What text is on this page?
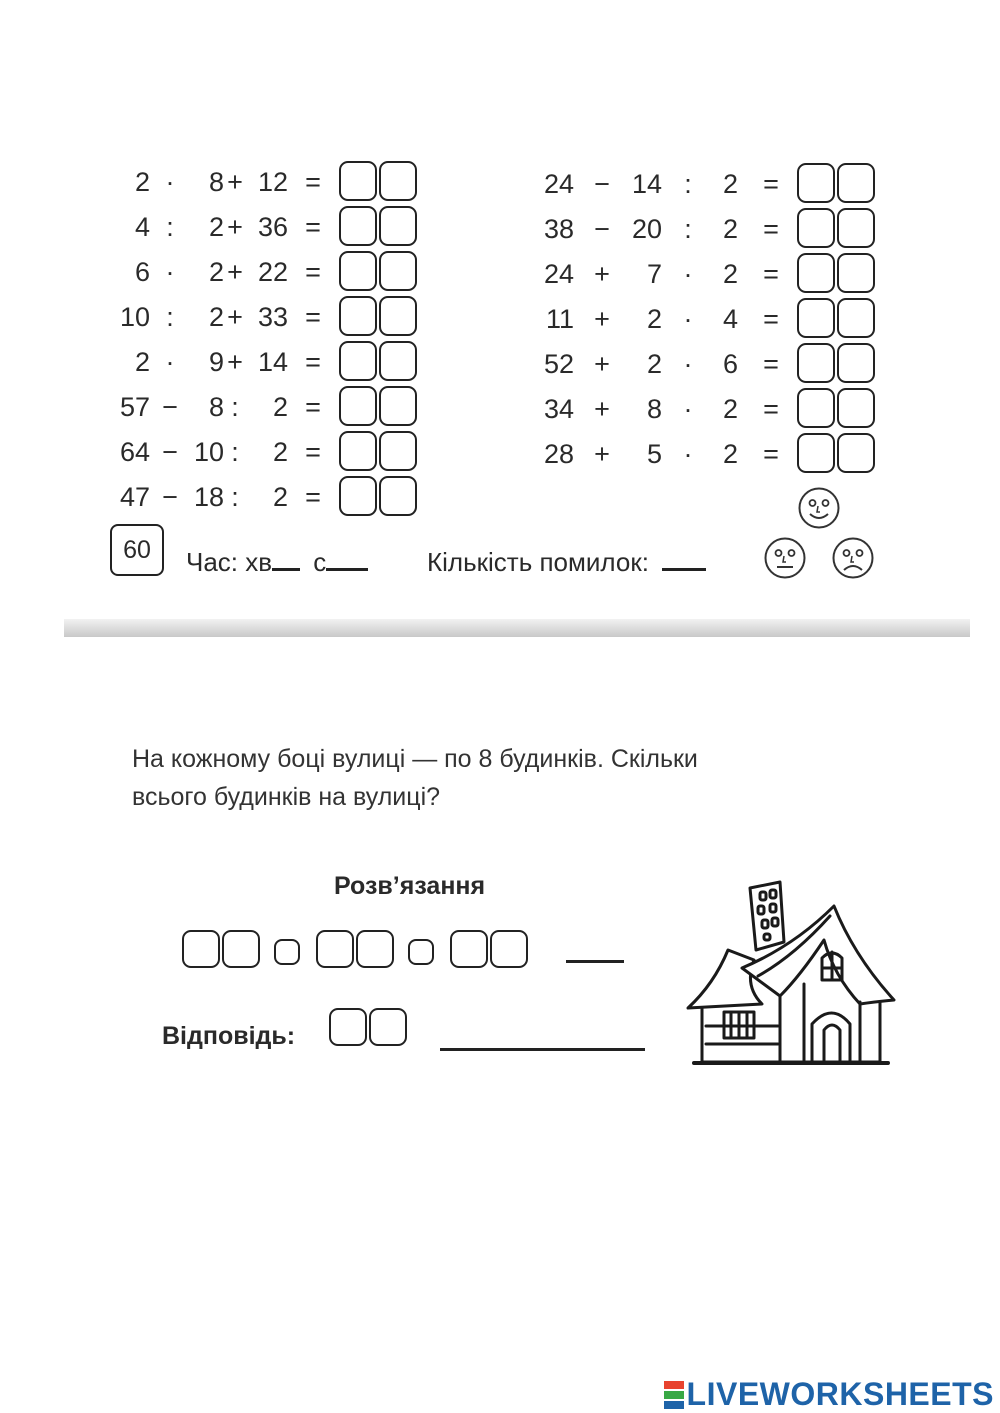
2 ·	8 + 12 =
4 :	2 + 36 =
6 ·	2 + 22 =
10 :	2 + 33 =
2 ·	9 + 14 =
57 −	8 :	2 =
64 − 10 :	2 =
47 − 18 :	2 =
24 − 14 :	2 =
38 − 20 :	2 =
24 +	7 ·	2 =
11 +	2 ·	4 =
52 +	2 ·	6 =
34 +	8 ·	2 =
28 +	5 ·	2 =
60	Час: хв с	Кількість помилок:
На кожному боці вулиці — по 8 будинків. Скільки
всього будинків на вулиці?
Розв’язання
Відповідь:
LIVEWORKSHEETS
